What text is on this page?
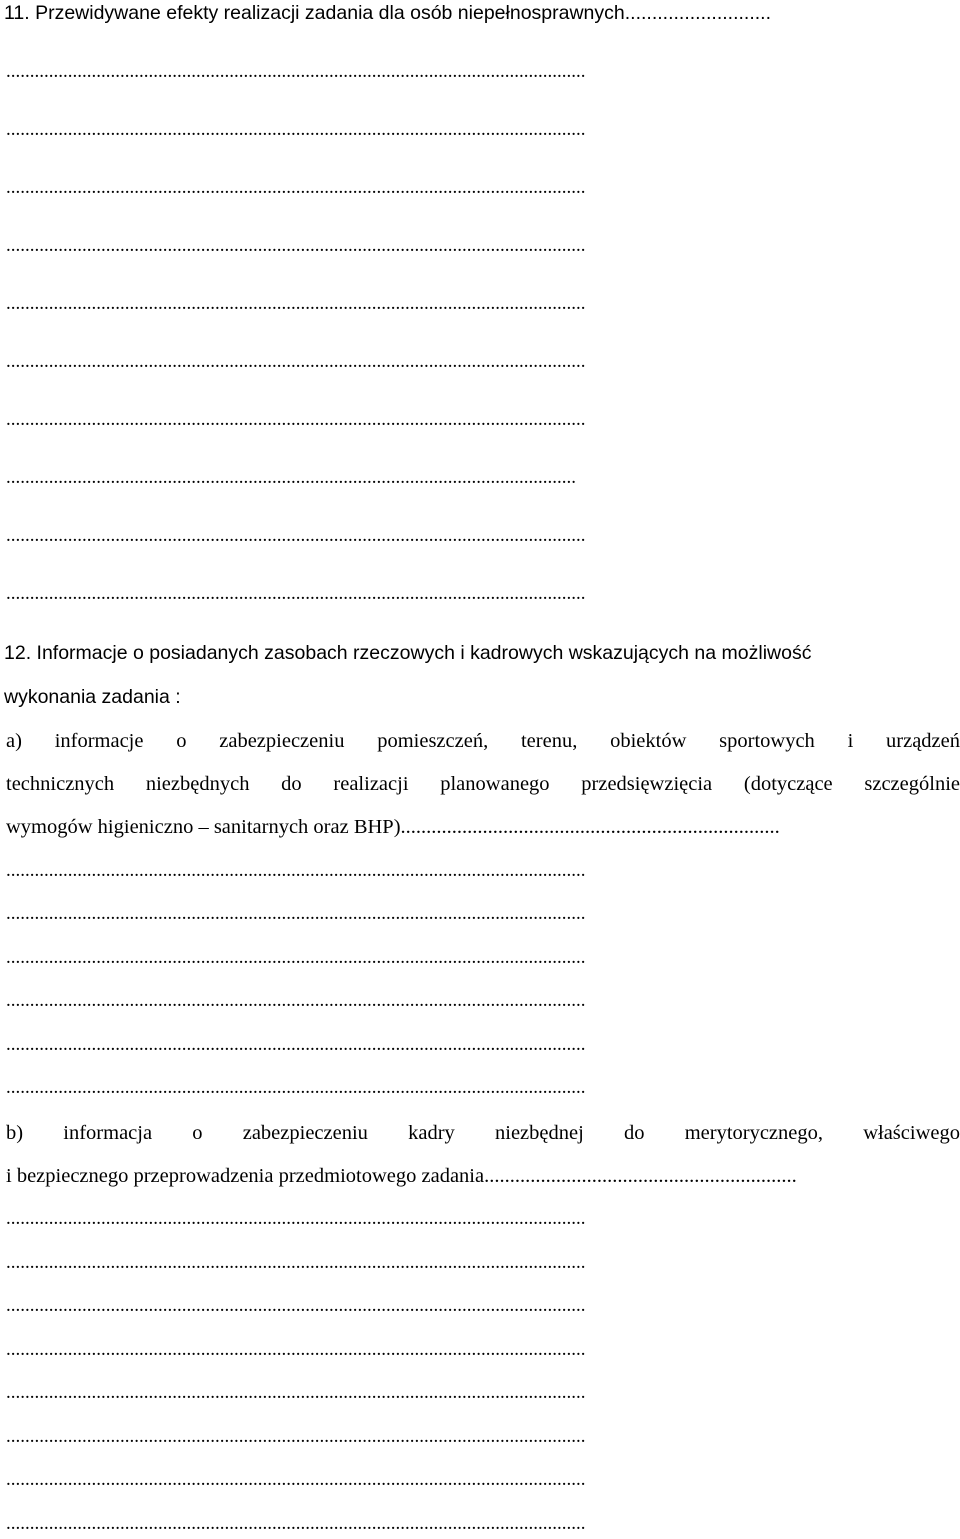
11. Przewidywane efekty realizacji zadania dla osób niepełnosprawnych...........................

..........................................................................................................................

..........................................................................................................................

..........................................................................................................................

..........................................................................................................................

..........................................................................................................................

..........................................................................................................................

..........................................................................................................................

........................................................................................................................

..........................................................................................................................

..........................................................................................................................

12. Informacje o posiadanych zasobach rzeczowych i kadrowych wskazujących na możliwość

wykonania zadania :

a) informacje o zabezpieczeniu pomieszczeń, terenu, obiektów sportowych i urządzeń

technicznych niezbędnych do realizacji planowanego przedsięwzięcia (dotyczące szczególnie

wymogów higieniczno – sanitarnych oraz BHP)..........................................................................

..........................................................................................................................

..........................................................................................................................

..........................................................................................................................

..........................................................................................................................

..........................................................................................................................

..........................................................................................................................

b) informacja o zabezpieczeniu kadry niezbędnej do merytorycznego, właściwego

i bezpiecznego przeprowadzenia przedmiotowego zadania.............................................................

..........................................................................................................................

..........................................................................................................................

..........................................................................................................................

..........................................................................................................................

..........................................................................................................................

..........................................................................................................................

..........................................................................................................................

..........................................................................................................................
